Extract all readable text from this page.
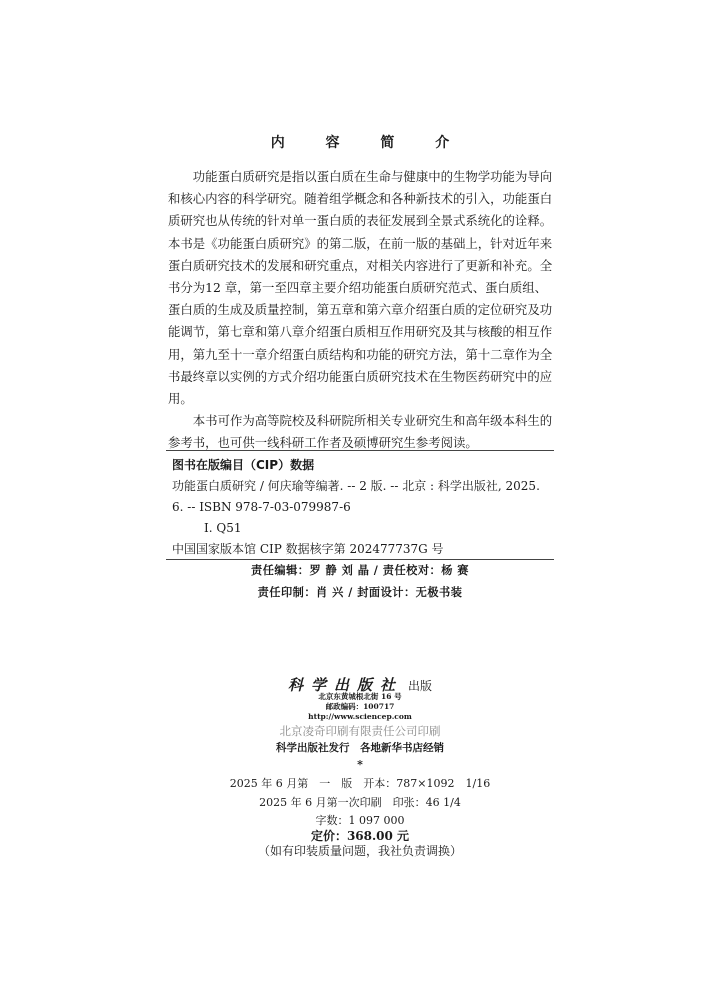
内 容 简 介

功能蛋白质研究是指以蛋白质在生命与健康中的生物学功能为导向和核心内容的科学研究。随着组学概念和各种新技术的引入，功能蛋白质研究也从传统的针对单一蛋白质的表征发展到全景式系统化的诠释。本书是《功能蛋白质研究》的第二版，在前一版的基础上，针对近年来蛋白质研究技术的发展和研究重点，对相关内容进行了更新和补充。全书分为12 章，第一至四章主要介绍功能蛋白质研究范式、蛋白质组、蛋白质的生成及质量控制，第五章和第六章介绍蛋白质的定位研究及功能调节，第七章和第八章介绍蛋白质相互作用研究及其与核酸的相互作用，第九至十一章介绍蛋白质结构和功能的研究方法，第十二章作为全书最终章以实例的方式介绍功能蛋白质研究技术在生物医药研究中的应用。

本书可作为高等院校及科研院所相关专业研究生和高年级本科生的参考书，也可供一线科研工作者及硕博研究生参考阅读。

图书在版编目（CIP）数据
功能蛋白质研究 / 何庆瑜等编著. -- 2 版. -- 北京 : 科学出版社, 2025. 6. -- ISBN 978-7-03-079987-6
Ⅰ. Q51
中国国家版本馆 CIP 数据核字第 202477737G 号
责任编辑：罗 静 刘 晶 / 责任校对：杨 赛
责任印制：肖 兴 / 封面设计：无极书装
科学出版社 出版
北京东黄城根北街 16 号
邮政编码：100717
http://www.sciencep.com
北京凌奇印刷有限责任公司印刷
科学出版社发行　各地新华书店经销
*
2025 年 6 月第　一　版　开本：787×1092　1/16
2025 年 6 月第一次印刷　印张：46 1/4
字数：1 097 000
定价：368.00 元
（如有印装质量问题，我社负责调换）
